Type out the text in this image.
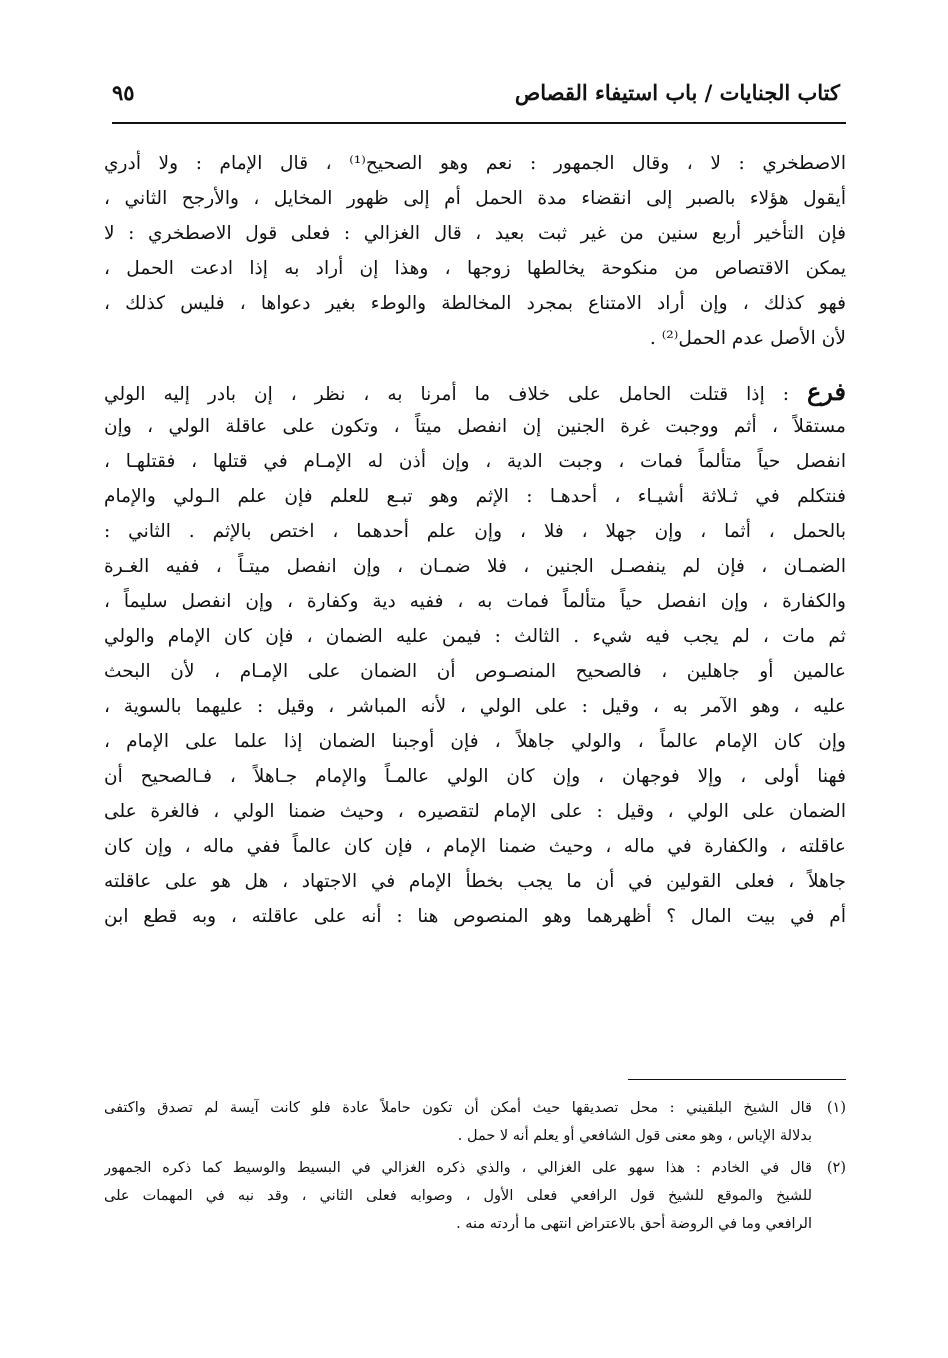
كتاب الجنايات / باب استيفاء القصاص
٩٥
الاصطخري : لا ، وقال الجمهور : نعم وهو الصحيح⁽¹⁾ ، قال الإمام : ولا أدري
أيقول هؤلاء بالصبر إلى انقضاء مدة الحمل أم إلى ظهور المخايل ، والأرجح الثاني ،
فإن التأخير أربع سنين من غير ثبت بعيد ، قال الغزالي : فعلى قول الاصطخري : لا
يمكن الاقتصاص من منكوحة يخالطها زوجها ، وهذا إن أراد به إذا ادعت الحمل ،
فهو كذلك ، وإن أراد الامتناع بمجرد المخالطة والوطء بغير دعواها ، فليس كذلك ،
لأن الأصل عدم الحمل⁽²⁾ .
فرع : إذا قتلت الحامل على خلاف ما أمرنا به ، نظر ، إن بادر إليه الولي
مستقلاً ، أثم ووجبت غرة الجنين إن انفصل ميتاً ، وتكون على عاقلة الولي ، وإن
انفصل حياً متألماً فمات ، وجبت الدية ، وإن أذن له الإمـام في قتلها ، فقتلهـا ،
فنتكلم في ثـلاثة أشيـاء ، أحدهـا : الإثم وهو تبـع للعلم فإن علم الـولي والإمام
بالحمل ، أثما ، وإن جهلا ، فلا ، وإن علم أحدهما ، اختص بالإثم . الثاني :
الضمـان ، فإن لم ينفصـل الجنين ، فلا ضمـان ، وإن انفصل ميتـاً ، ففيه الغـرة
والكفارة ، وإن انفصل حياً متألماً فمات به ، ففيه دية وكفارة ، وإن انفصل سليماً ،
ثم مات ، لم يجب فيه شيء . الثالث : فيمن عليه الضمان ، فإن كان الإمام والولي
عالمين أو جاهلين ، فالصحيح المنصـوص أن الضمان على الإمـام ، لأن البحث
عليه ، وهو الآمر به ، وقيل : على الولي ، لأنه المباشر ، وقيل : عليهما بالسوية ،
وإن كان الإمام عالماً ، والولي جاهلاً ، فإن أوجبنا الضمان إذا علما على الإمام ،
فهنا أولى ، وإلا فوجهان ، وإن كان الولي عالمـاً والإمام جـاهلاً ، فـالصحيح أن
الضمان على الولي ، وقيل : على الإمام لتقصيره ، وحيث ضمنا الولي ، فالغرة على
عاقلته ، والكفارة في ماله ، وحيث ضمنا الإمام ، فإن كان عالماً ففي ماله ، وإن كان
جاهلاً ، فعلى القولين في أن ما يجب بخطأ الإمام في الاجتهاد ، هل هو على عاقلته
أم في بيت المال ؟ أظهرهما وهو المنصوص هنا : أنه على عاقلته ، وبه قطع ابن
(١)
قال الشيخ البلقيني : محل تصديقها حيث أمكن أن تكون حاملاً عادة فلو كانت آيسة لم تصدق واكتفى
بدلالة الإياس ، وهو معنى قول الشافعي أو يعلم أنه لا حمل .
(٢)
قال في الخادم : هذا سهو على الغزالي ، والذي ذكره الغزالي في البسيط والوسيط كما ذكره الجمهور
للشيخ والموقع للشيخ قول الرافعي فعلى الأول ، وصوابه فعلى الثاني ، وقد نبه في المهمات على
الرافعي وما في الروضة أحق بالاعتراض انتهى ما أردته منه .
